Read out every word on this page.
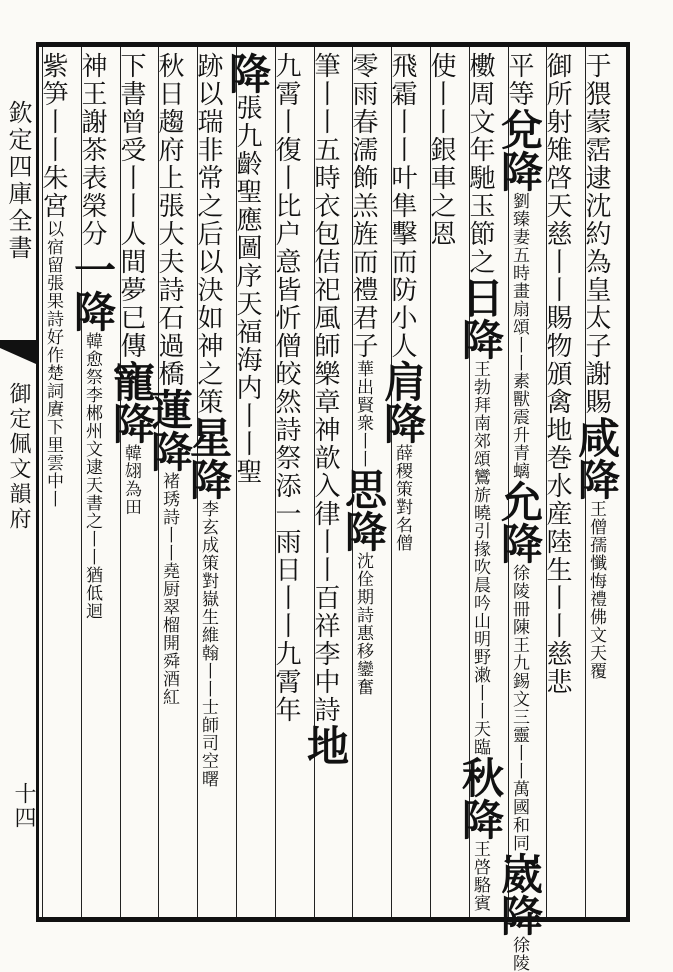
欽定四庫全書
御定佩文韻府
十四
于猥蒙霑逮沈約為皇太子謝賜咸降王僧孺懺悔禮佛文天覆
御所射雉啓天慈丨丨賜物頒禽地巻水産陸生丨丨慈悲
平等兌降劉臻妻五時畫扇頌丨丨素獸震升青螭允降徐陵冊陳王九錫文三靈丨丨萬國和同崴降徐陵
櫢周文年馳玉節之日降王勃拜南郊頌鸞旂曉引掾吹晨吟山明野潄丨丨天臨秋降王啓駱賓
使丨丨銀車之恩
飛霜丨丨叶隼擊而防小人肩降薛稷策對名僧
零雨春濡飾羔旌而禮君子華出賢衆丨丨思降沈佺期詩惠移鑾奮
筆丨丨五時衣包佶祀風師樂章神歆入律丨丨百祥李中詩地
九霄丨復丨比户意皆忻僧皎然詩祭添一雨日丨丨九霄年
降張九齡聖應圖序天福海内丨丨聖
跡以瑞非常之后以決如神之策星降李玄成策對嶽生維翰丨丨士師司空曙
秋日趨府上張大夫詩石過橋蓮降褚琇詩丨丨堯厨翠榴開舜酒紅
下書曾受丨丨人間夢已傳寵降韓翃為田
神王謝茶表榮分一降韓愈祭李郴州文逮天書之丨丨猶低迴
紫笋丨丨朱宮以宿留張果詩好作楚詞賡下里雲中丨
